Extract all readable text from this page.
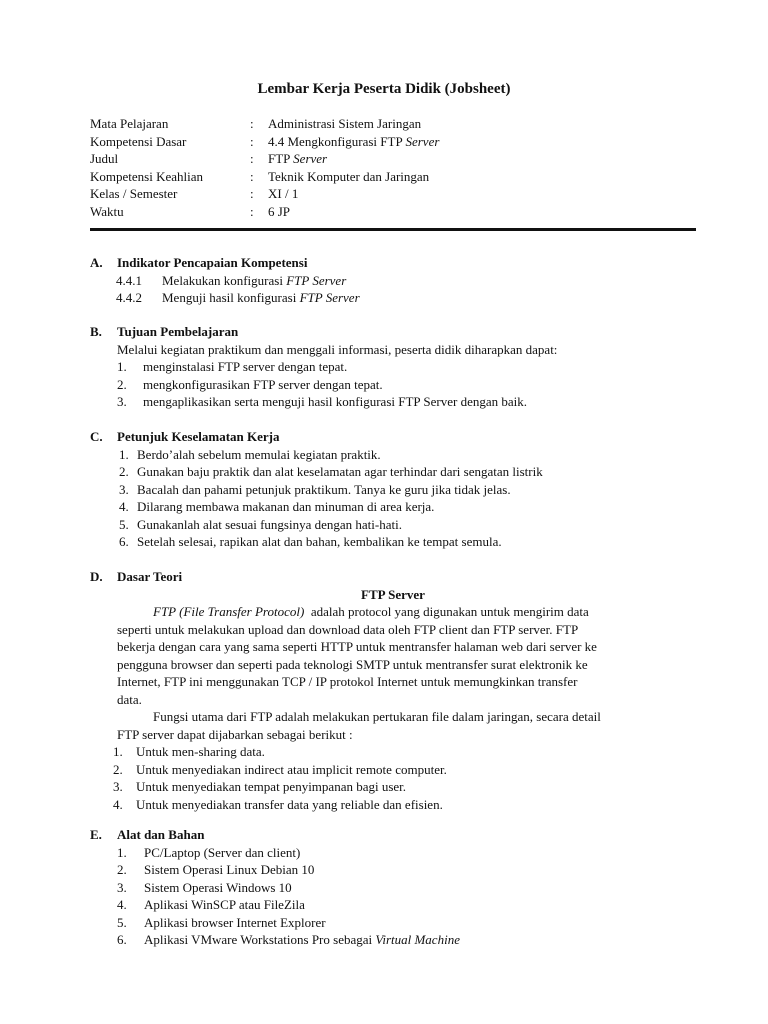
Lembar Kerja Peserta Didik (Jobsheet)
Mata Pelajaran	: Administrasi Sistem Jaringan
Kompetensi Dasar	: 4.4 Mengkonfigurasi FTP Server
Judul	: FTP Server
Kompetensi Keahlian	: Teknik Komputer dan Jaringan
Kelas / Semester	: XI / 1
Waktu	: 6 JP
A. Indikator Pencapaian Kompetensi
4.4.1 Melakukan konfigurasi FTP Server
4.4.2 Menguji hasil konfigurasi FTP Server
B. Tujuan Pembelajaran
Melalui kegiatan praktikum dan menggali informasi, peserta didik diharapkan dapat:
1. menginstalasi FTP server dengan tepat.
2. mengkonfigurasikan FTP server dengan tepat.
3. mengaplikasikan serta menguji hasil konfigurasi FTP Server dengan baik.
C. Petunjuk Keselamatan Kerja
1. Berdo’alah sebelum memulai kegiatan praktik.
2. Gunakan baju praktik dan alat keselamatan agar terhindar dari sengatan listrik
3. Bacalah dan pahami petunjuk praktikum. Tanya ke guru jika tidak jelas.
4. Dilarang membawa makanan dan minuman di area kerja.
5. Gunakanlah alat sesuai fungsinya dengan hati-hati.
6. Setelah selesai, rapikan alat dan bahan, kembalikan ke tempat semula.
D. Dasar Teori
FTP Server
FTP (File Transfer Protocol)  adalah protocol yang digunakan untuk mengirim data
seperti untuk melakukan upload dan download data oleh FTP client dan FTP server. FTP
bekerja dengan cara yang sama seperti HTTP untuk mentransfer halaman web dari server ke
pengguna browser dan seperti pada teknologi SMTP untuk mentransfer surat elektronik ke
Internet, FTP ini menggunakan TCP / IP protokol Internet untuk memungkinkan transfer
data.
Fungsi utama dari FTP adalah melakukan pertukaran file dalam jaringan, secara detail
FTP server dapat dijabarkan sebagai berikut :
1. Untuk men-sharing data.
2. Untuk menyediakan indirect atau implicit remote computer.
3. Untuk menyediakan tempat penyimpanan bagi user.
4. Untuk menyediakan transfer data yang reliable dan efisien.
E. Alat dan Bahan
1. PC/Laptop (Server dan client)
2. Sistem Operasi Linux Debian 10
3. Sistem Operasi Windows 10
4. Aplikasi WinSCP atau FileZila
5. Aplikasi browser Internet Explorer
6. Aplikasi VMware Workstations Pro sebagai Virtual Machine
